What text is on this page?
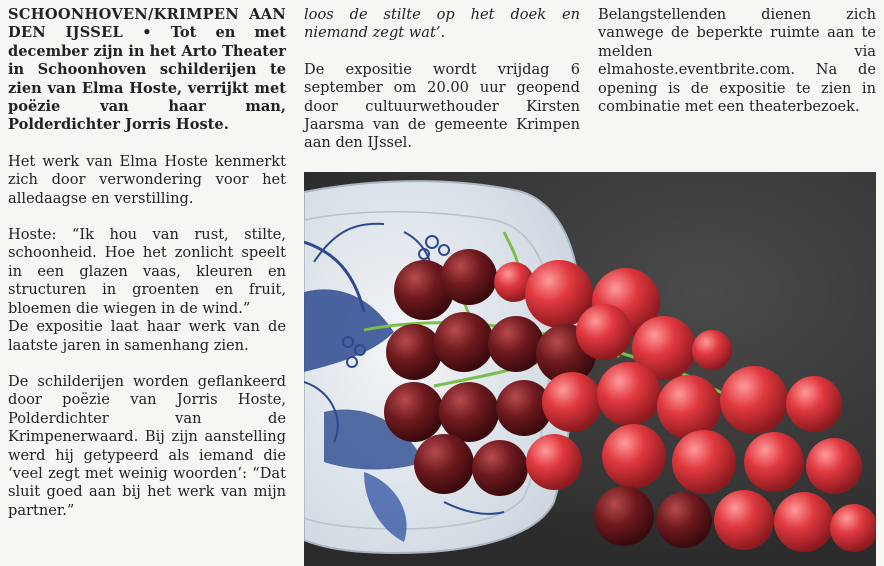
SCHOONHOVEN/KRIMPEN AAN DEN IJSSEL • Tot en met december zijn in het Arto Theater in Schoonhoven schilderijen te zien van Elma Hoste, verrijkt met poëzie van haar man, Polderdichter Jorris Hoste.

Het werk van Elma Hoste kenmerkt zich door verwondering voor het alledaagse en verstilling.

Hoste: “Ik hou van rust, stilte, schoonheid. Hoe het zonlicht speelt in een glazen vaas, kleuren en structuren in groenten en fruit, bloemen die wiegen in de wind.”

De expositie laat haar werk van de laatste jaren in samenhang zien.

De schilderijen worden geflankeerd door poëzie van Jorris Hoste, Polderdichter van de Krimpenerwaard. Bij zijn aanstelling werd hij getypeerd als iemand die ‘veel zegt met weinig woorden’: “Dat sluit goed aan bij het werk van mijn partner.”

loos de stilte op het doek en niemand zegt wat’.

De expositie wordt vrijdag 6 september om 20.00 uur geopend door cultuurwethouder Kirsten Jaarsma van de gemeente Krimpen aan den IJssel.

Belangstellenden dienen zich vanwege de beperkte ruimte aan te melden via elmahoste.eventbrite.com. Na de opening is de expositie te zien in combinatie met een theaterbezoek.
